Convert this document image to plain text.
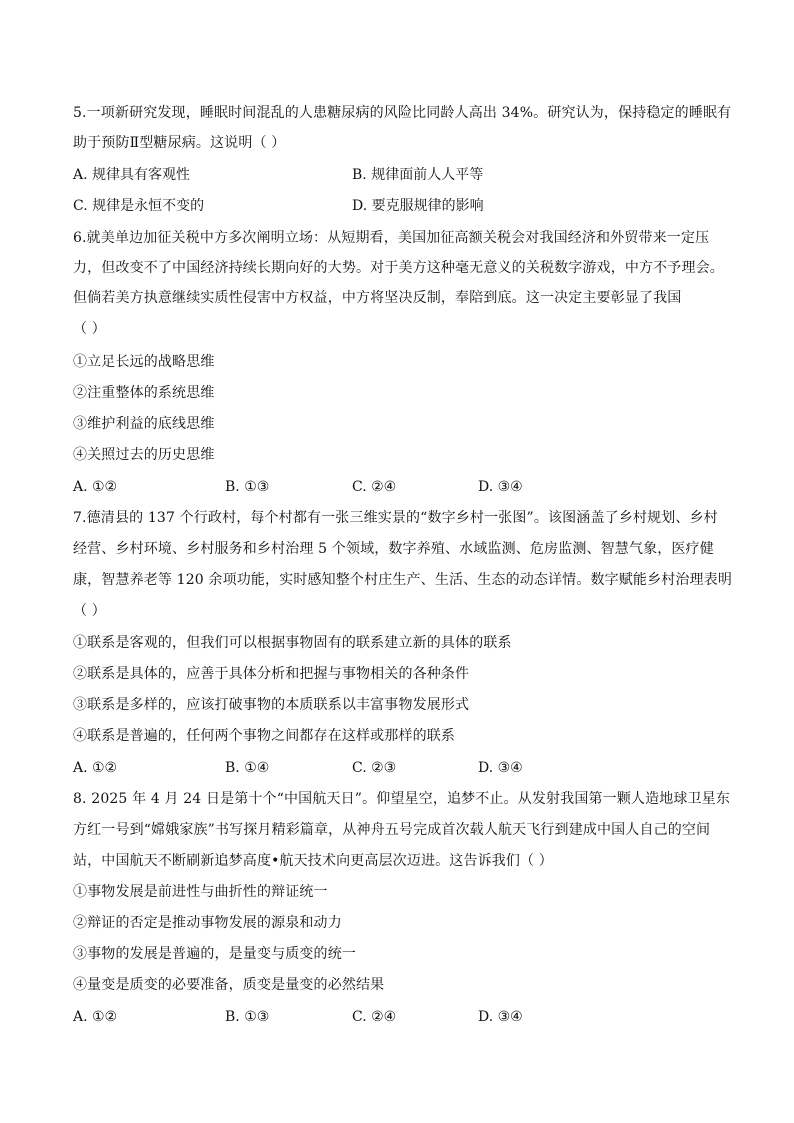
5.一项新研究发现，睡眠时间混乱的人患糖尿病的风险比同龄人高出 34%。研究认为，保持稳定的睡眠有
助于预防Ⅱ型糖尿病。这说明（ ）
A. 规律具有客观性	B. 规律面前人人平等
C. 规律是永恒不变的	D. 要克服规律的影响
6.就美单边加征关税中方多次阐明立场：从短期看，美国加征高额关税会对我国经济和外贸带来一定压
力，但改变不了中国经济持续长期向好的大势。对于美方这种毫无意义的关税数字游戏，中方不予理会。
但倘若美方执意继续实质性侵害中方权益，中方将坚决反制，奉陪到底。这一决定主要彰显了我国
（ ）
①立足长远的战略思维
②注重整体的系统思维
③维护利益的底线思维
④关照过去的历史思维
A. ①②	B. ①③	C. ②④	D. ③④
7.德清县的 137 个行政村，每个村都有一张三维实景的“数字乡村一张图”。该图涵盖了乡村规划、乡村
经营、乡村环境、乡村服务和乡村治理 5 个领域，数字养殖、水域监测、危房监测、智慧气象，医疗健
康，智慧养老等 120 余项功能，实时感知整个村庄生产、生活、生态的动态详情。数字赋能乡村治理表明
（ ）
①联系是客观的，但我们可以根据事物固有的联系建立新的具体的联系
②联系是具体的，应善于具体分析和把握与事物相关的各种条件
③联系是多样的，应该打破事物的本质联系以丰富事物发展形式
④联系是普遍的，任何两个事物之间都存在这样或那样的联系
A. ①②	B. ①④	C. ②③	D. ③④
8. 2025 年 4 月 24 日是第十个“中国航天日”。仰望星空，追梦不止。从发射我国第一颗人造地球卫星东
方红一号到“嫦娥家族”书写探月精彩篇章，从神舟五号完成首次载人航天飞行到建成中国人自己的空间
站，中国航天不断刷新追梦高度•航天技术向更高层次迈进。这告诉我们（ ）
①事物发展是前进性与曲折性的辩证统一
②辩证的否定是推动事物发展的源泉和动力
③事物的发展是普遍的，是量变与质变的统一
④量变是质变的必要准备，质变是量变的必然结果
A. ①②	B. ①③	C. ②④	D. ③④
